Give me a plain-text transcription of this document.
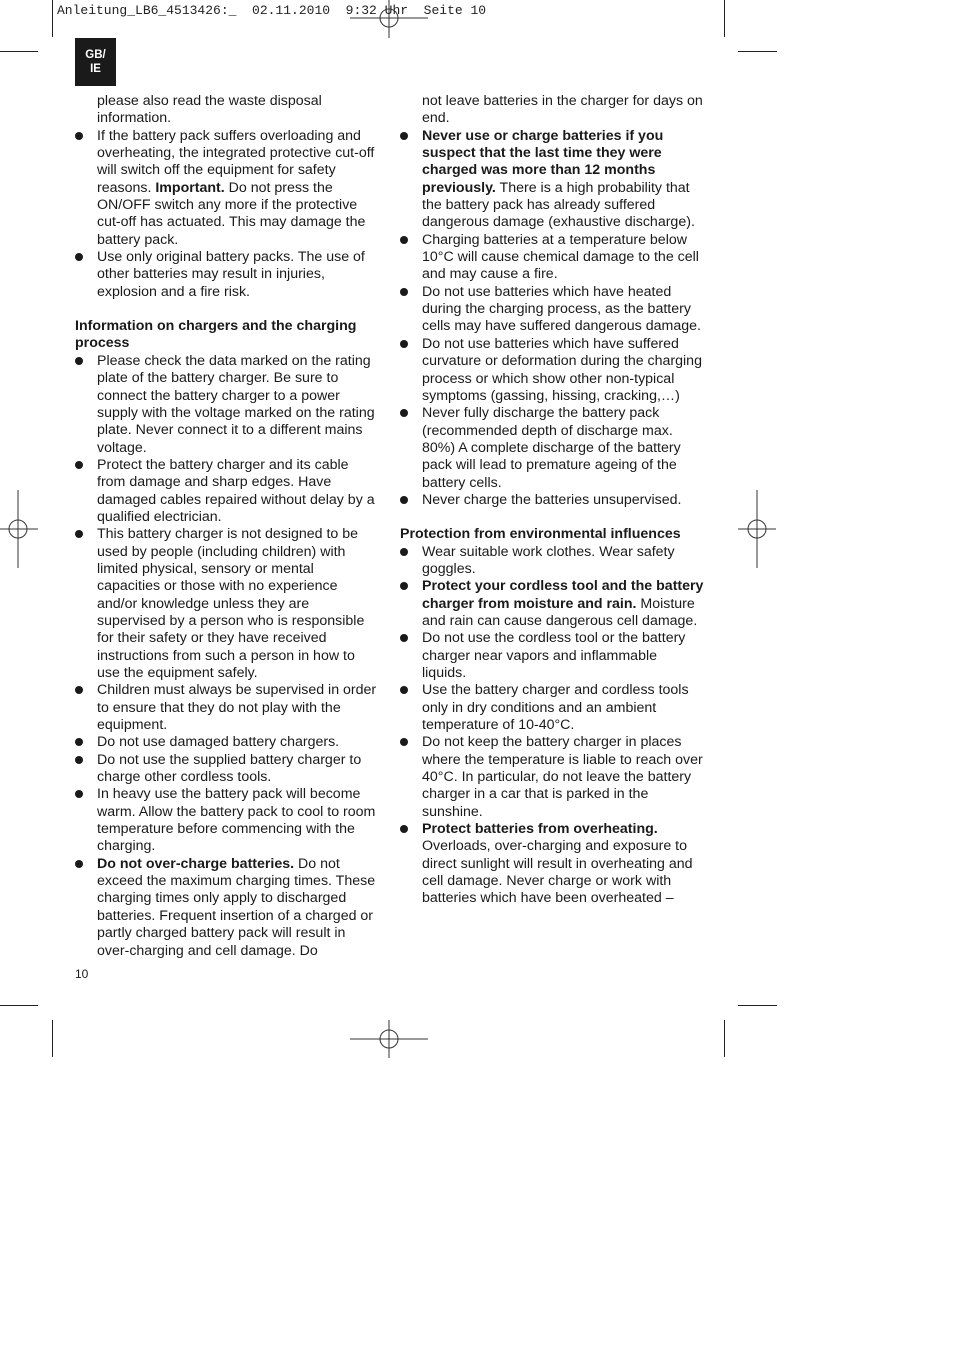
Anleitung_LB6_4513426:_  02.11.2010  9:32 Uhr  Seite 10
GB/
IE

please also read the waste disposal information.

If the battery pack suffers overloading and overheating, the integrated protective cut-off will switch off the equipment for safety reasons. Important. Do not press the ON/OFF switch any more if the protective cut-off has actuated. This may damage the battery pack.

Use only original battery packs. The use of other batteries may result in injuries, explosion and a fire risk.

Information on chargers and the charging process

Please check the data marked on the rating plate of the battery charger. Be sure to connect the battery charger to a power supply with the voltage marked on the rating plate. Never connect it to a different mains voltage.

Protect the battery charger and its cable from damage and sharp edges. Have damaged cables repaired without delay by a qualified electrician.

This battery charger is not designed to be used by people (including children) with limited physical, sensory or mental capacities or those with no experience and/or knowledge unless they are supervised by a person who is responsible for their safety or they have received instructions from such a person in how to use the equipment safely.

Children must always be supervised in order to ensure that they do not play with the equipment.

Do not use damaged battery chargers.

Do not use the supplied battery charger to charge other cordless tools.

In heavy use the battery pack will become warm. Allow the battery pack to cool to room temperature before commencing with the charging.

Do not over-charge batteries. Do not exceed the maximum charging times. These charging times only apply to discharged batteries. Frequent insertion of a charged or partly charged battery pack will result in over-charging and cell damage. Do

not leave batteries in the charger for days on end.

Never use or charge batteries if you suspect that the last time they were charged was more than 12 months previously. There is a high probability that the battery pack has already suffered dangerous damage (exhaustive discharge).

Charging batteries at a temperature below 10°C will cause chemical damage to the cell and may cause a fire.

Do not use batteries which have heated during the charging process, as the battery cells may have suffered dangerous damage.

Do not use batteries which have suffered curvature or deformation during the charging process or which show other non-typical symptoms (gassing, hissing, cracking,…)

Never fully discharge the battery pack (recommended depth of discharge max. 80%) A complete discharge of the battery pack will lead to premature ageing of the battery cells.

Never charge the batteries unsupervised.

Protection from environmental influences

Wear suitable work clothes. Wear safety goggles.

Protect your cordless tool and the battery charger from moisture and rain. Moisture and rain can cause dangerous cell damage.

Do not use the cordless tool or the battery charger near vapors and inflammable liquids.

Use the battery charger and cordless tools only in dry conditions and an ambient temperature of 10-40°C.

Do not keep the battery charger in places where the temperature is liable to reach over 40°C. In particular, do not leave the battery charger in a car that is parked in the sunshine.

Protect batteries from overheating. Overloads, over-charging and exposure to direct sunlight will result in overheating and cell damage. Never charge or work with batteries which have been overheated –

10
